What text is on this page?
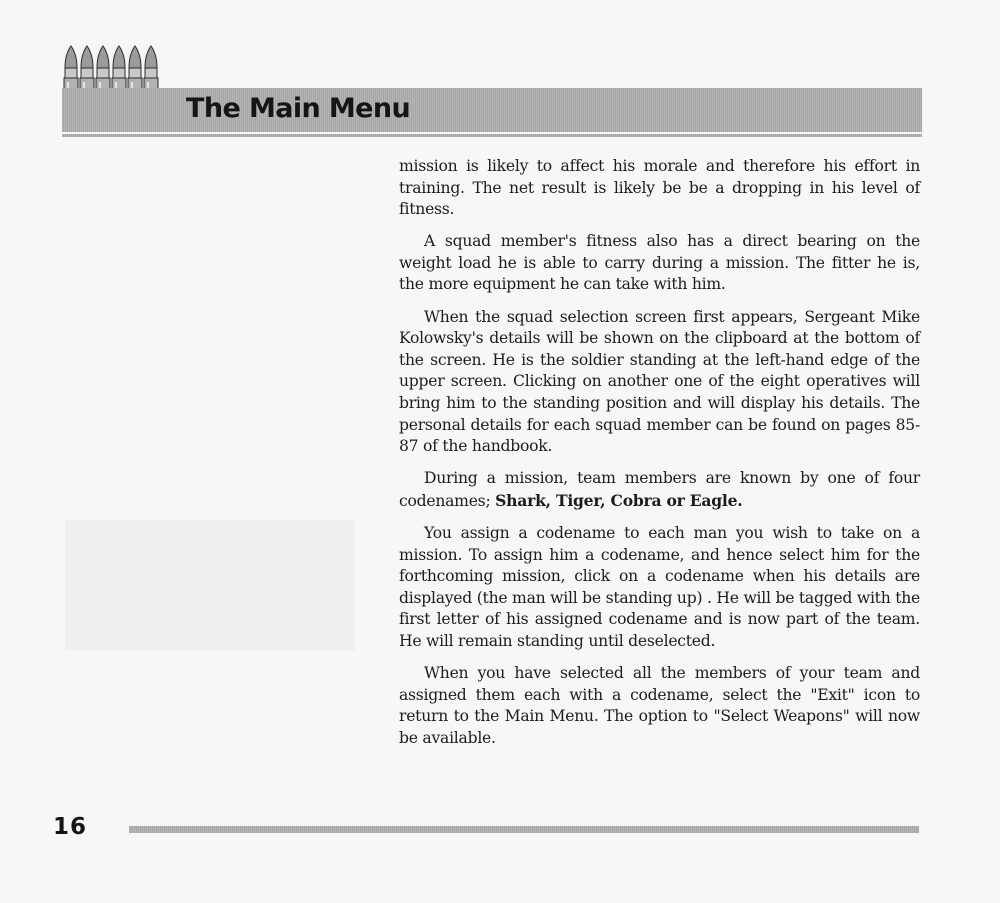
The Main Menu

mission is likely to affect his morale and therefore his effort in training. The net result is likely be be a dropping in his level of fitness.

A squad member's fitness also has a direct bearing on the weight load he is able to carry during a mission. The fitter he is, the more equipment he can take with him.

When the squad selection screen first appears, Sergeant Mike Kolowsky's details will be shown on the clipboard at the bottom of the screen. He is the soldier standing at the left-hand edge of the upper screen. Clicking on another one of the eight operatives will bring him to the standing position and will display his details. The personal details for each squad member can be found on pages 85-87 of the handbook.

During a mission, team members are known by one of four codenames; Shark, Tiger, Cobra or Eagle.

You assign a codename to each man you wish to take on a mission. To assign him a codename, and hence select him for the forthcoming mission, click on a codename when his details are displayed (the man will be standing up) . He will be tagged with the first letter of his assigned codename and is now part of the team. He will remain standing until deselected.

When you have selected all the members of your team and assigned them each with a codename, select the "Exit" icon to return to the Main Menu. The option to "Select Weapons" will now be available.

16
